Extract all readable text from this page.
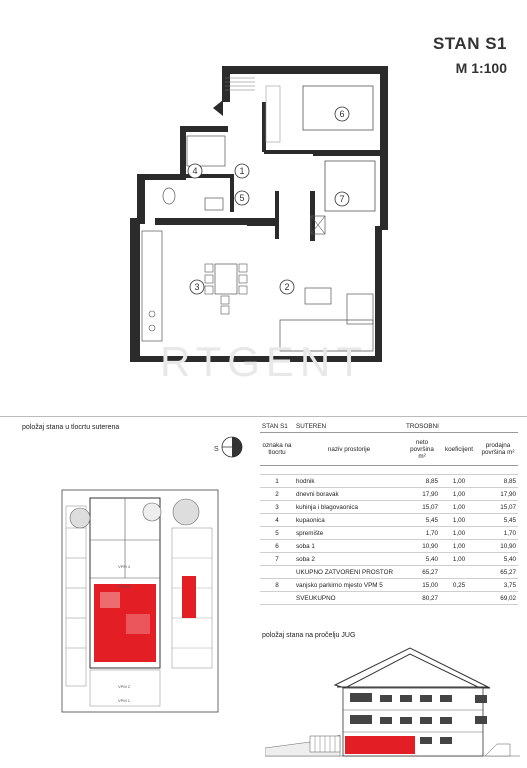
STAN S1
M 1:100
6
1
4
5	7
3	2
RTGENT
položaj stana u tlocrtu suterena
S
VPM 4
VPM 3
VPM 2
VPM 1
STAN S1	SUTEREN	TROSOBNI		
oznaka na tlocrtu	naziv prostorije	neto površina m²	koeficijent	prodajna površina m²

1	hodnik	8,85	1,00	8,85
2	dnevni boravak	17,90	1,00	17,90
3	kuhinja i blagovaonica	15,07	1,00	15,07
4	kupaonica	5,45	1,00	5,45
5	spremište	1,70	1,00	1,70
6	soba 1	10,90	1,00	10,90
7	soba 2	5,40	1,00	5,40
	UKUPNO ZATVORENI PROSTOR	65,27		65,27
8	vanjsko parkirno mjesto VPM 5	15,00	0,25	3,75
	SVEUKUPNO	80,27		69,02
položaj stana na pročelju JUG
